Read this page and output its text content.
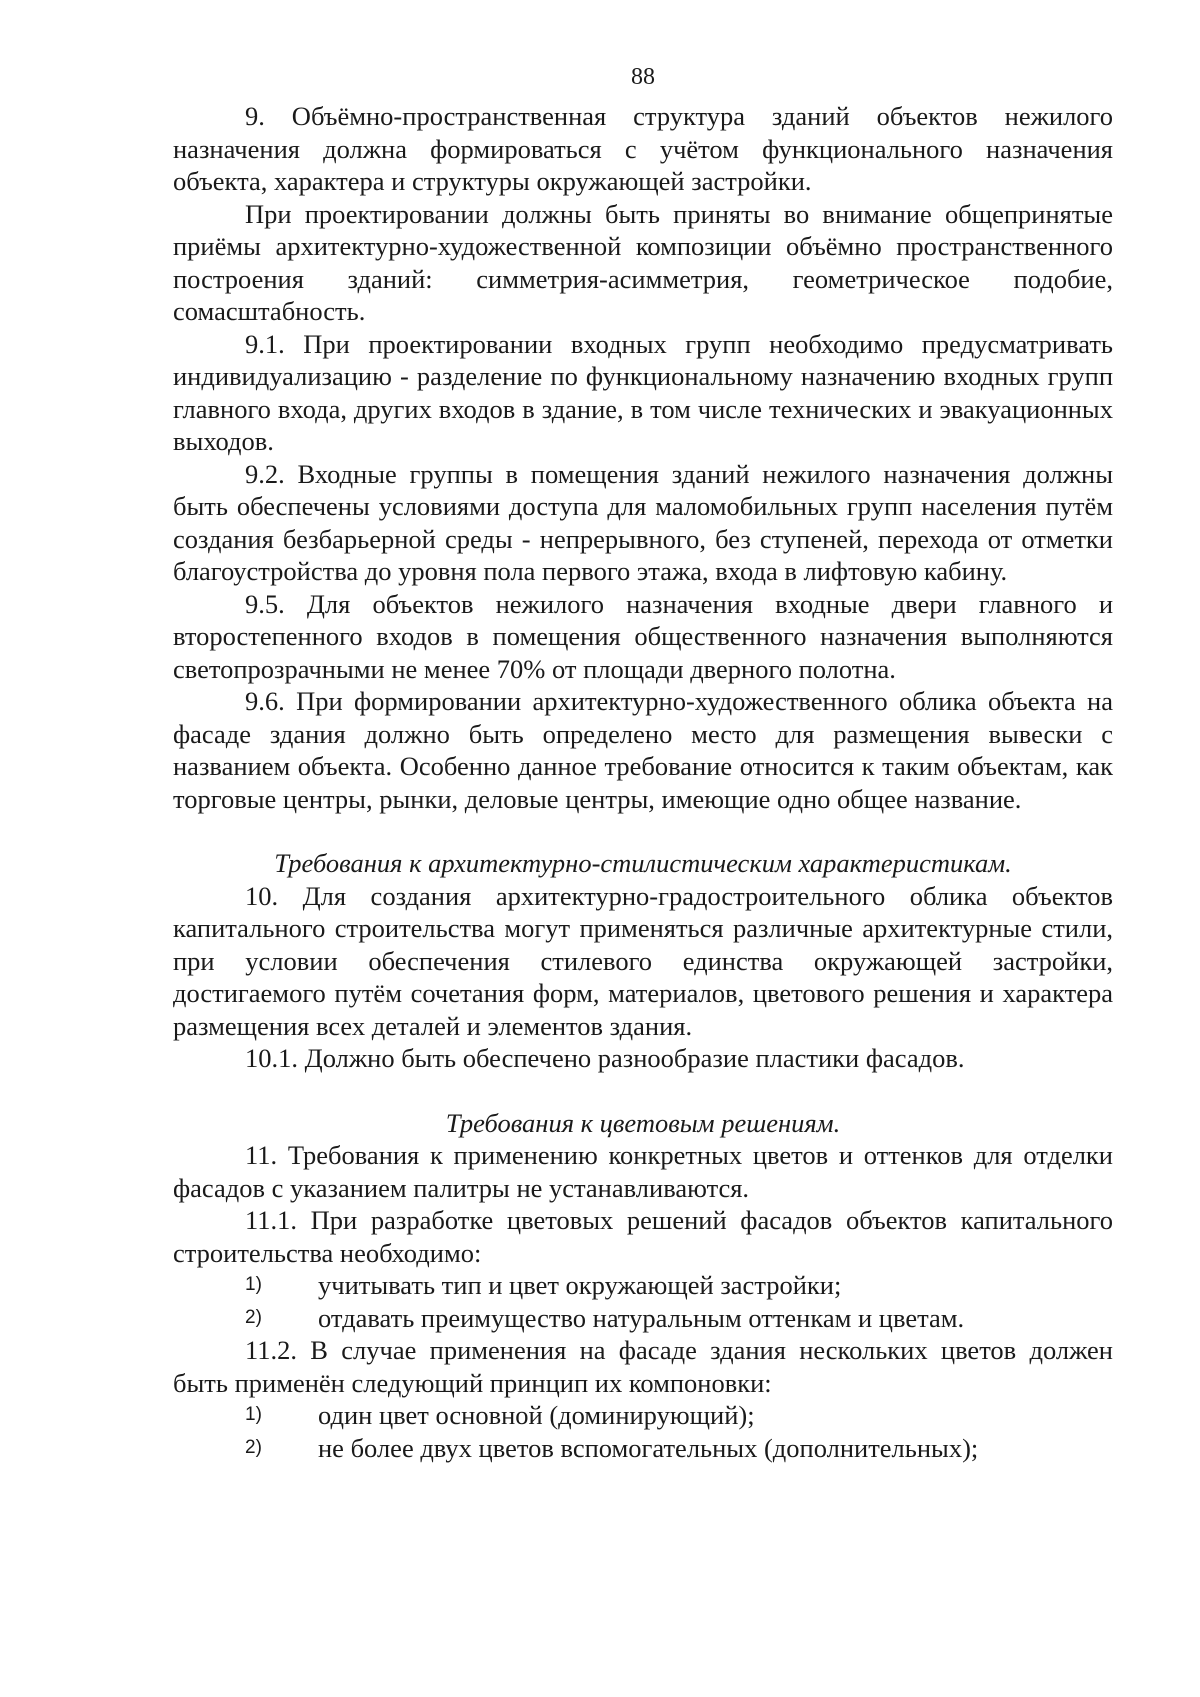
88

9. Объёмно-пространственная структура зданий объектов нежилого назначения должна формироваться с учётом функционального назначения объекта, характера и структуры окружающей застройки.

При проектировании должны быть приняты во внимание общепринятые приёмы архитектурно-художественной композиции объёмно пространственного построения зданий: симметрия-асимметрия, геометрическое подобие, сомасштабность.

9.1. При проектировании входных групп необходимо предусматривать индивидуализацию - разделение по функциональному назначению входных групп главного входа, других входов в здание, в том числе технических и эвакуационных выходов.

9.2. Входные группы в помещения зданий нежилого назначения должны быть обеспечены условиями доступа для маломобильных групп населения путём создания безбарьерной среды - непрерывного, без ступеней, перехода от отметки благоустройства до уровня пола первого этажа, входа в лифтовую кабину.

9.5. Для объектов нежилого назначения входные двери главного и второстепенного входов в помещения общественного назначения выполняются светопрозрачными не менее 70% от площади дверного полотна.

9.6. При формировании архитектурно-художественного облика объекта на фасаде здания должно быть определено место для размещения вывески с названием объекта. Особенно данное требование относится к таким объектам, как торговые центры, рынки, деловые центры, имеющие одно общее название.

Требования к архитектурно-стилистическим характеристикам.

10. Для создания архитектурно-градостроительного облика объектов капитального строительства могут применяться различные архитектурные стили, при условии обеспечения стилевого единства окружающей застройки, достигаемого путём сочетания форм, материалов, цветового решения и характера размещения всех деталей и элементов здания.

10.1. Должно быть обеспечено разнообразие пластики фасадов.

Требования к цветовым решениям.

11. Требования к применению конкретных цветов и оттенков для отделки фасадов с указанием палитры не устанавливаются.

11.1. При разработке цветовых решений фасадов объектов капитального строительства необходимо:

1)	учитывать тип и цвет окружающей застройки;
2)	отдавать преимущество натуральным оттенкам и цветам.

11.2. В случае применения на фасаде здания нескольких цветов должен быть применён следующий принцип их компоновки:

1)	один цвет основной (доминирующий);
2)	не более двух цветов вспомогательных (дополнительных);
